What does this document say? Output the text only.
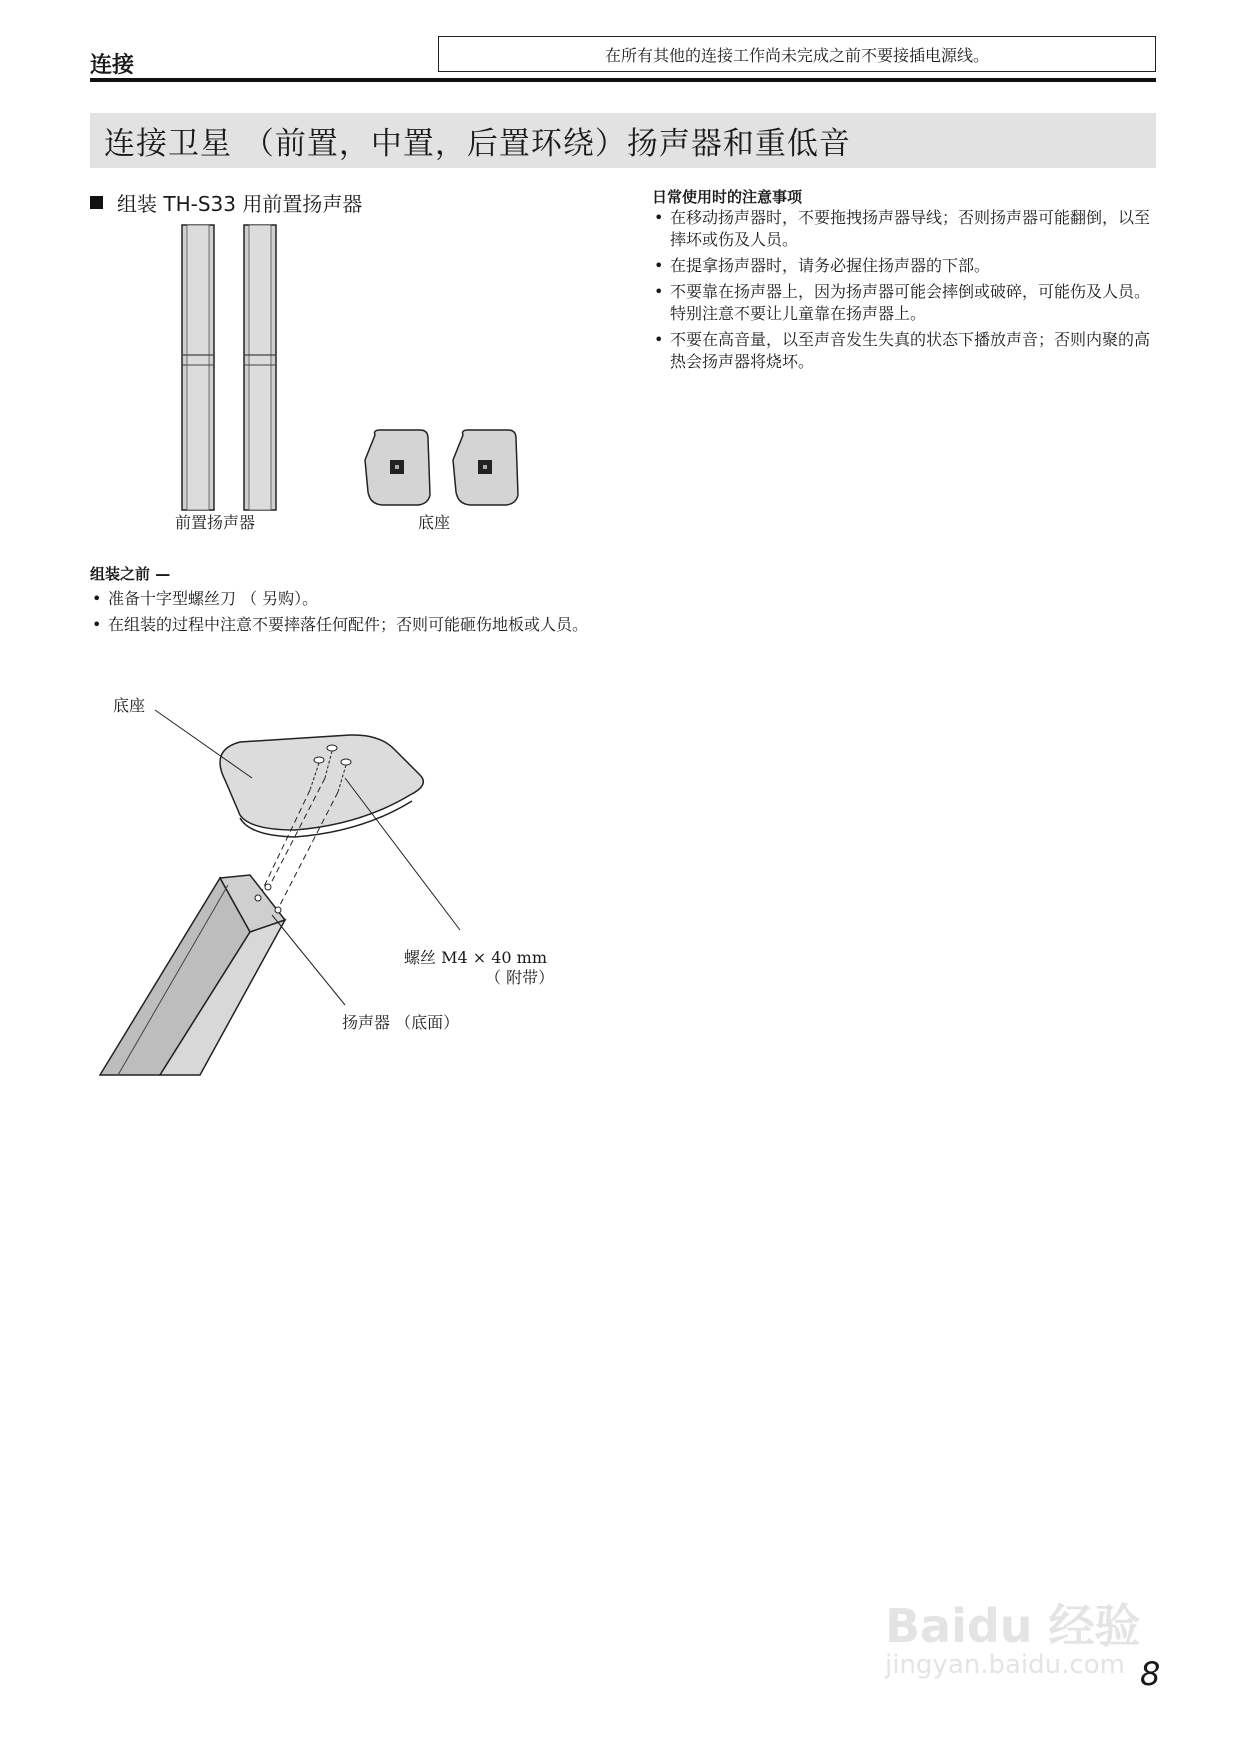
连接	在所有其他的连接工作尚未完成之前不要接插电源线。
连接卫星 （前置，中置，后置环绕）扬声器和重低音
组装 TH-S33 用前置扬声器
前置扬声器	底座
组装之前 —
• 准备十字型螺丝刀 （ 另购）。
• 在组装的过程中注意不要摔落任何配件；否则可能砸伤地板或人员。
日常使用时的注意事项
• 在移动扬声器时，不要拖拽扬声器导线；否则扬声器可能翻倒，以至摔坏或伤及人员。
• 在提拿扬声器时，请务必握住扬声器的下部。
• 不要靠在扬声器上，因为扬声器可能会摔倒或破碎，可能伤及人员。特别注意不要让儿童靠在扬声器上。
• 不要在高音量，以至声音发生失真的状态下播放声音；否则内聚的高热会扬声器将烧坏。
底座
螺丝 M4 × 40 mm
（ 附带）
扬声器 （底面）
Baidu 经验
jingyan.baidu.com 8
